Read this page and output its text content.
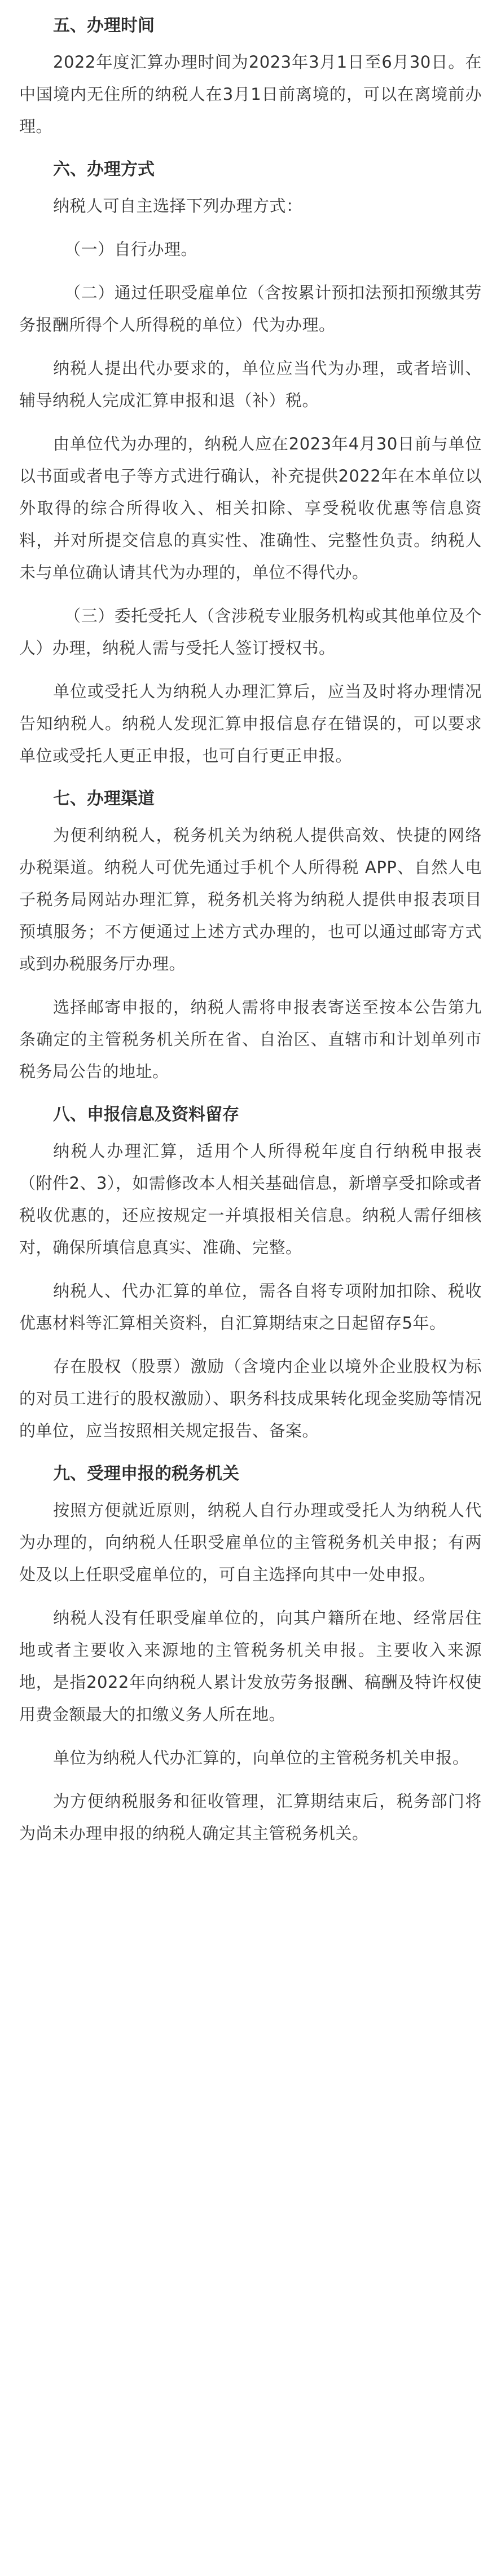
五、办理时间

2022年度汇算办理时间为2023年3月1日至6月30日。在中国境内无住所的纳税人在3月1日前离境的，可以在离境前办理。

六、办理方式

纳税人可自主选择下列办理方式：

（一）自行办理。

（二）通过任职受雇单位（含按累计预扣法预扣预缴其劳务报酬所得个人所得税的单位）代为办理。

纳税人提出代办要求的，单位应当代为办理，或者培训、辅导纳税人完成汇算申报和退（补）税。

由单位代为办理的，纳税人应在2023年4月30日前与单位以书面或者电子等方式进行确认，补充提供2022年在本单位以外取得的综合所得收入、相关扣除、享受税收优惠等信息资料，并对所提交信息的真实性、准确性、完整性负责。纳税人未与单位确认请其代为办理的，单位不得代办。

（三）委托受托人（含涉税专业服务机构或其他单位及个人）办理，纳税人需与受托人签订授权书。

单位或受托人为纳税人办理汇算后，应当及时将办理情况告知纳税人。纳税人发现汇算申报信息存在错误的，可以要求单位或受托人更正申报，也可自行更正申报。

七、办理渠道

为便利纳税人，税务机关为纳税人提供高效、快捷的网络办税渠道。纳税人可优先通过手机个人所得税 APP、自然人电子税务局网站办理汇算，税务机关将为纳税人提供申报表项目预填服务；不方便通过上述方式办理的，也可以通过邮寄方式或到办税服务厅办理。

选择邮寄申报的，纳税人需将申报表寄送至按本公告第九条确定的主管税务机关所在省、自治区、直辖市和计划单列市税务局公告的地址。

八、申报信息及资料留存

纳税人办理汇算，适用个人所得税年度自行纳税申报表（附件2、3），如需修改本人相关基础信息，新增享受扣除或者税收优惠的，还应按规定一并填报相关信息。纳税人需仔细核对，确保所填信息真实、准确、完整。

纳税人、代办汇算的单位，需各自将专项附加扣除、税收优惠材料等汇算相关资料，自汇算期结束之日起留存5年。

存在股权（股票）激励（含境内企业以境外企业股权为标的对员工进行的股权激励）、职务科技成果转化现金奖励等情况的单位，应当按照相关规定报告、备案。

九、受理申报的税务机关

按照方便就近原则，纳税人自行办理或受托人为纳税人代为办理的，向纳税人任职受雇单位的主管税务机关申报；有两处及以上任职受雇单位的，可自主选择向其中一处申报。

纳税人没有任职受雇单位的，向其户籍所在地、经常居住地或者主要收入来源地的主管税务机关申报。主要收入来源地，是指2022年向纳税人累计发放劳务报酬、稿酬及特许权使用费金额最大的扣缴义务人所在地。

单位为纳税人代办汇算的，向单位的主管税务机关申报。

为方便纳税服务和征收管理，汇算期结束后，税务部门将为尚未办理申报的纳税人确定其主管税务机关。
